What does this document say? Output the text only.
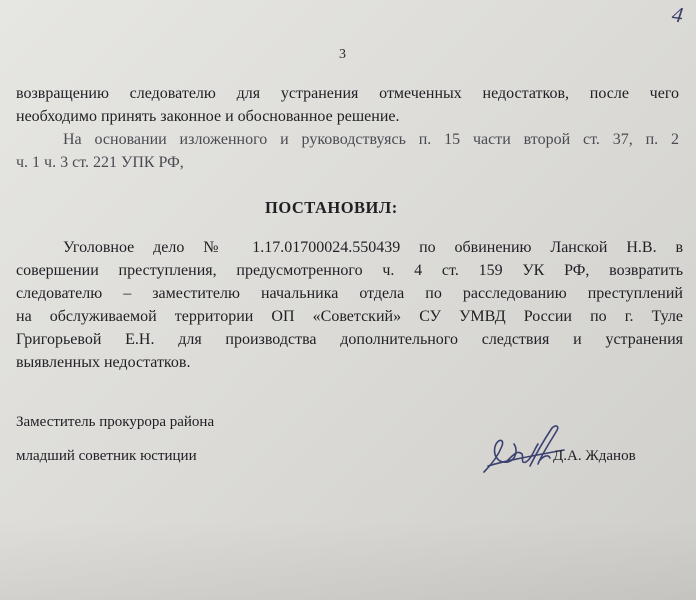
4
3
возвращению следователю для устранения отмеченных недостатков, после чего
необходимо принять законное и обоснованное решение.
На основании изложенного и руководствуясь п. 15 части второй ст. 37, п. 2
ч. 1 ч. 3 ст. 221 УПК РФ,
ПОСТАНОВИЛ:
Уголовное дело № 1.17.01700024.550439 по обвинению Ланской Н.В. в
совершении преступления, предусмотренного ч. 4 ст. 159 УК РФ, возвратить
следователю – заместителю начальника отдела по расследованию преступлений
на обслуживаемой территории ОП «Советский» СУ УМВД России по г. Туле
Григорьевой Е.Н. для производства дополнительного следствия и устранения
выявленных недостатков.
Заместитель прокурора района
младший советник юстиции	Д.А. Жданов
